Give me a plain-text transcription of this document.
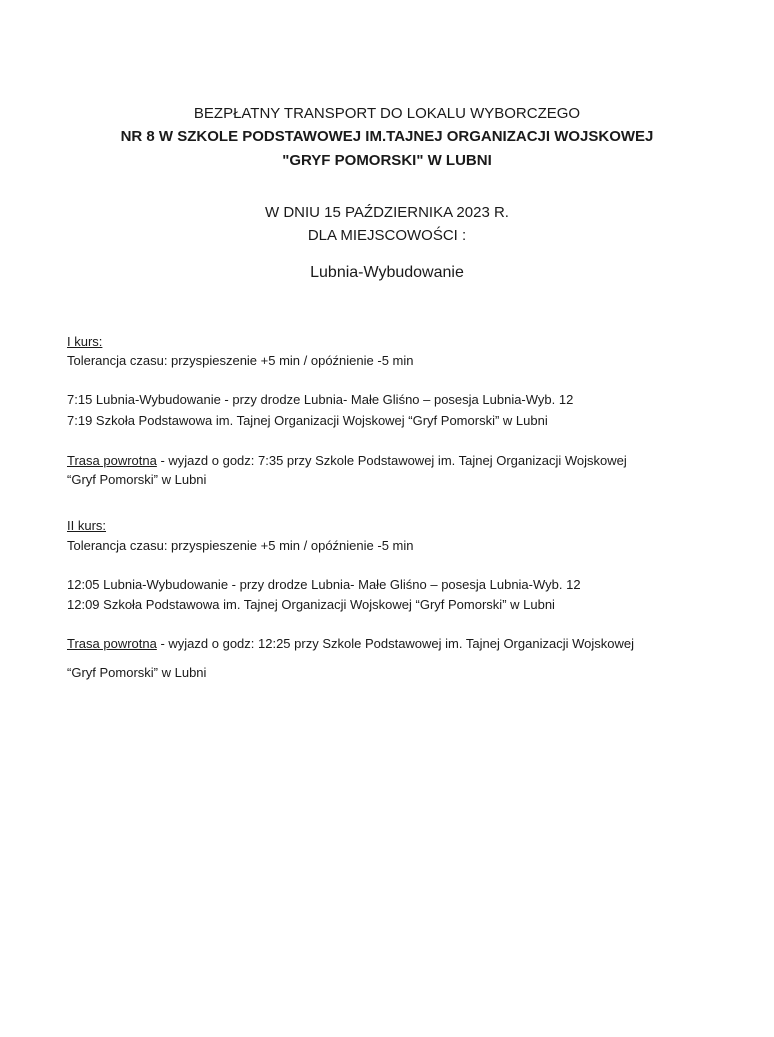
BEZPŁATNY TRANSPORT DO LOKALU WYBORCZEGO
NR 8 W SZKOLE PODSTAWOWEJ IM.TAJNEJ ORGANIZACJI WOJSKOWEJ
"GRYF POMORSKI" W LUBNI
W DNIU 15 PAŹDZIERNIKA 2023 R.
DLA MIEJSCOWOŚCI :
Lubnia-Wybudowanie
I kurs:
Tolerancja czasu: przyspieszenie +5 min / opóźnienie -5 min
7:15 Lubnia-Wybudowanie - przy drodze Lubnia- Małe Gliśno – posesja Lubnia-Wyb. 12
7:19 Szkoła Podstawowa im. Tajnej Organizacji Wojskowej “Gryf Pomorski” w Lubni
Trasa powrotna - wyjazd o godz: 7:35 przy Szkole Podstawowej im. Tajnej Organizacji Wojskowej
“Gryf Pomorski” w Lubni
II kurs:
Tolerancja czasu: przyspieszenie +5 min / opóźnienie -5 min
12:05 Lubnia-Wybudowanie - przy drodze Lubnia- Małe Gliśno – posesja Lubnia-Wyb. 12
12:09 Szkoła Podstawowa im. Tajnej Organizacji Wojskowej “Gryf Pomorski” w Lubni
Trasa powrotna - wyjazd o godz: 12:25 przy Szkole Podstawowej im. Tajnej Organizacji Wojskowej
“Gryf Pomorski” w Lubni
